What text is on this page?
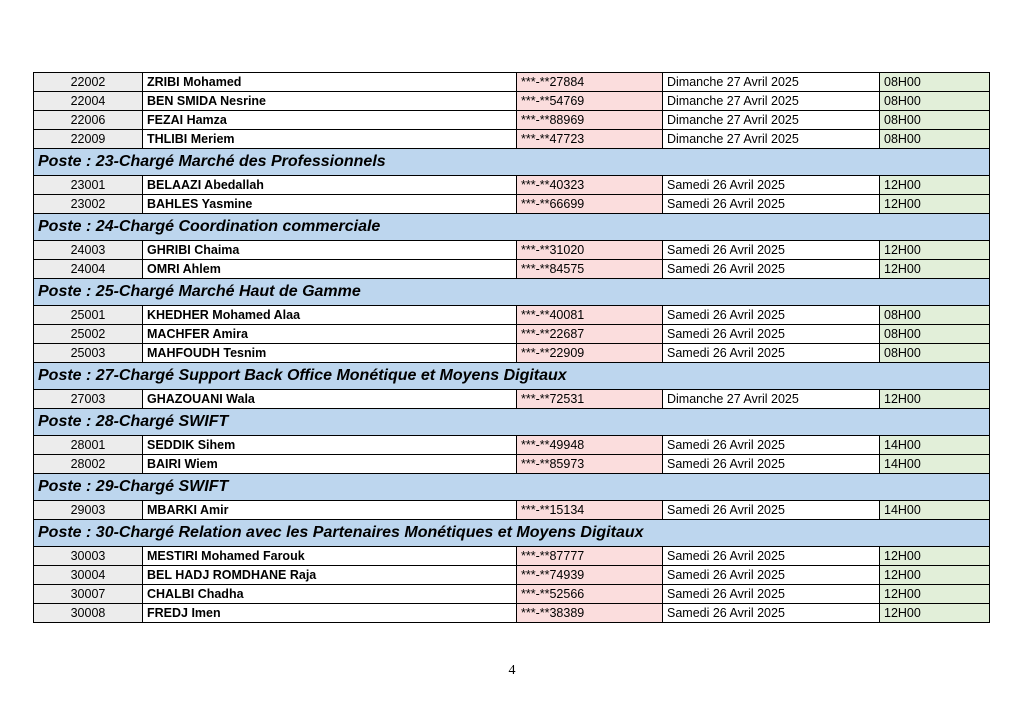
22002	ZRIBI Mohamed	***-**27884	Dimanche 27 Avril 2025	08H00
22004	BEN SMIDA Nesrine	***-**54769	Dimanche 27 Avril 2025	08H00
22006	FEZAI Hamza	***-**88969	Dimanche 27 Avril 2025	08H00
22009	THLIBI Meriem	***-**47723	Dimanche 27 Avril 2025	08H00
Poste : 23-Chargé Marché des Professionnels				
23001	BELAAZI Abedallah	***-**40323	Samedi 26 Avril 2025	12H00
23002	BAHLES Yasmine	***-**66699	Samedi 26 Avril 2025	12H00
Poste : 24-Chargé Coordination commerciale				
24003	GHRIBI Chaima	***-**31020	Samedi 26 Avril 2025	12H00
24004	OMRI Ahlem	***-**84575	Samedi 26 Avril 2025	12H00
Poste : 25-Chargé Marché Haut de Gamme				
25001	KHEDHER Mohamed Alaa	***-**40081	Samedi 26 Avril 2025	08H00
25002	MACHFER Amira	***-**22687	Samedi 26 Avril 2025	08H00
25003	MAHFOUDH Tesnim	***-**22909	Samedi 26 Avril 2025	08H00
Poste : 27-Chargé Support Back Office Monétique et Moyens Digitaux				
27003	GHAZOUANI Wala	***-**72531	Dimanche 27 Avril 2025	12H00
Poste : 28-Chargé SWIFT				
28001	SEDDIK Sihem	***-**49948	Samedi 26 Avril 2025	14H00
28002	BAIRI Wiem	***-**85973	Samedi 26 Avril 2025	14H00
Poste : 29-Chargé SWIFT				
29003	MBARKI Amir	***-**15134	Samedi 26 Avril 2025	14H00
Poste : 30-Chargé Relation avec les Partenaires Monétiques et Moyens Digitaux				
30003	MESTIRI Mohamed Farouk	***-**87777	Samedi 26 Avril 2025	12H00
30004	BEL HADJ ROMDHANE Raja	***-**74939	Samedi 26 Avril 2025	12H00
30007	CHALBI Chadha	***-**52566	Samedi 26 Avril 2025	12H00
30008	FREDJ Imen	***-**38389	Samedi 26 Avril 2025	12H00
4
